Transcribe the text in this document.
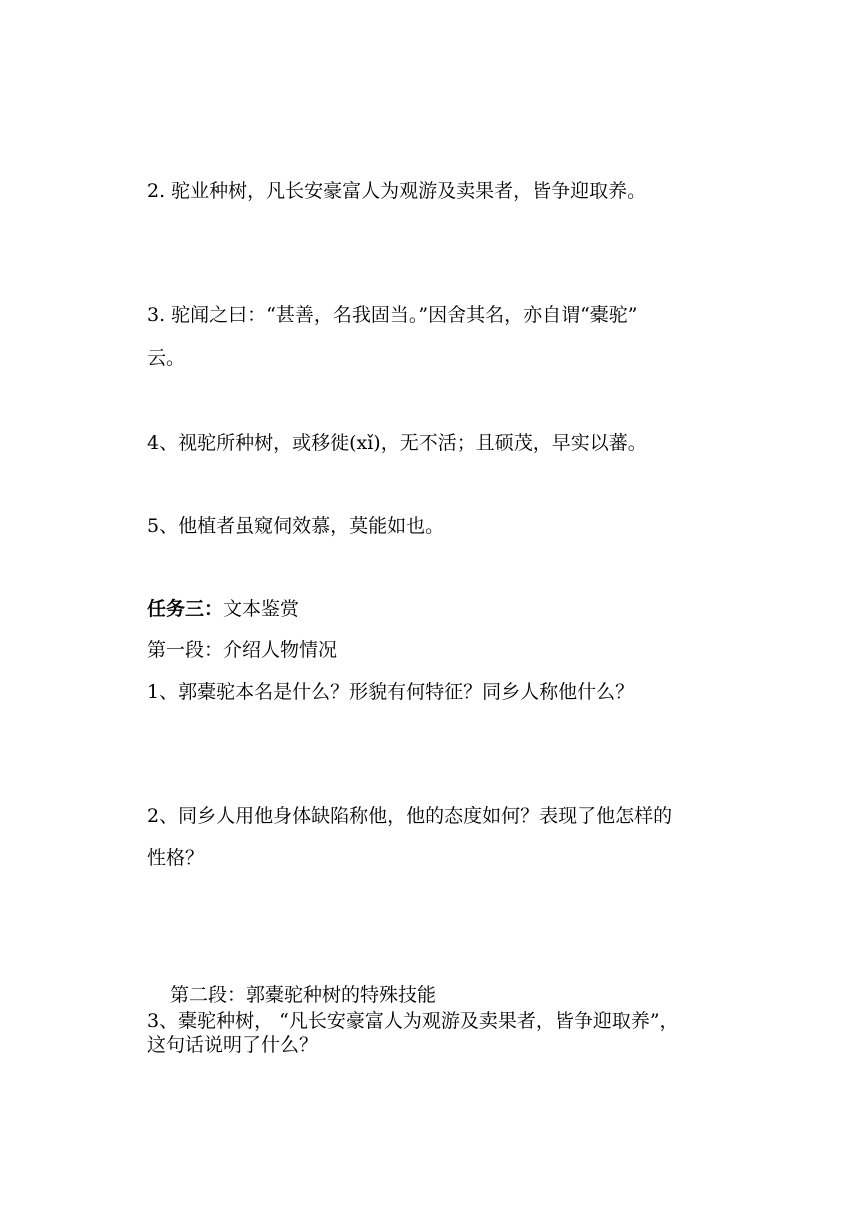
2. 驼业种树，凡长安豪富人为观游及卖果者，皆争迎取养。
3. 驼闻之曰：“甚善，名我固当。”因舍其名，亦自谓“橐驼”
云。
4、视驼所种树，或移徙(xǐ)，无不活；且硕茂，早实以蕃。
5、他植者虽窥伺效慕，莫能如也。
任务三：文本鉴赏
第一段：介绍人物情况
1、郭橐驼本名是什么？形貌有何特征？同乡人称他什么？
2、同乡人用他身体缺陷称他，他的态度如何？表现了他怎样的
性格？
第二段：郭橐驼种树的特殊技能
3、橐驼种树， “凡长安豪富人为观游及卖果者，皆争迎取养”，
这句话说明了什么？
